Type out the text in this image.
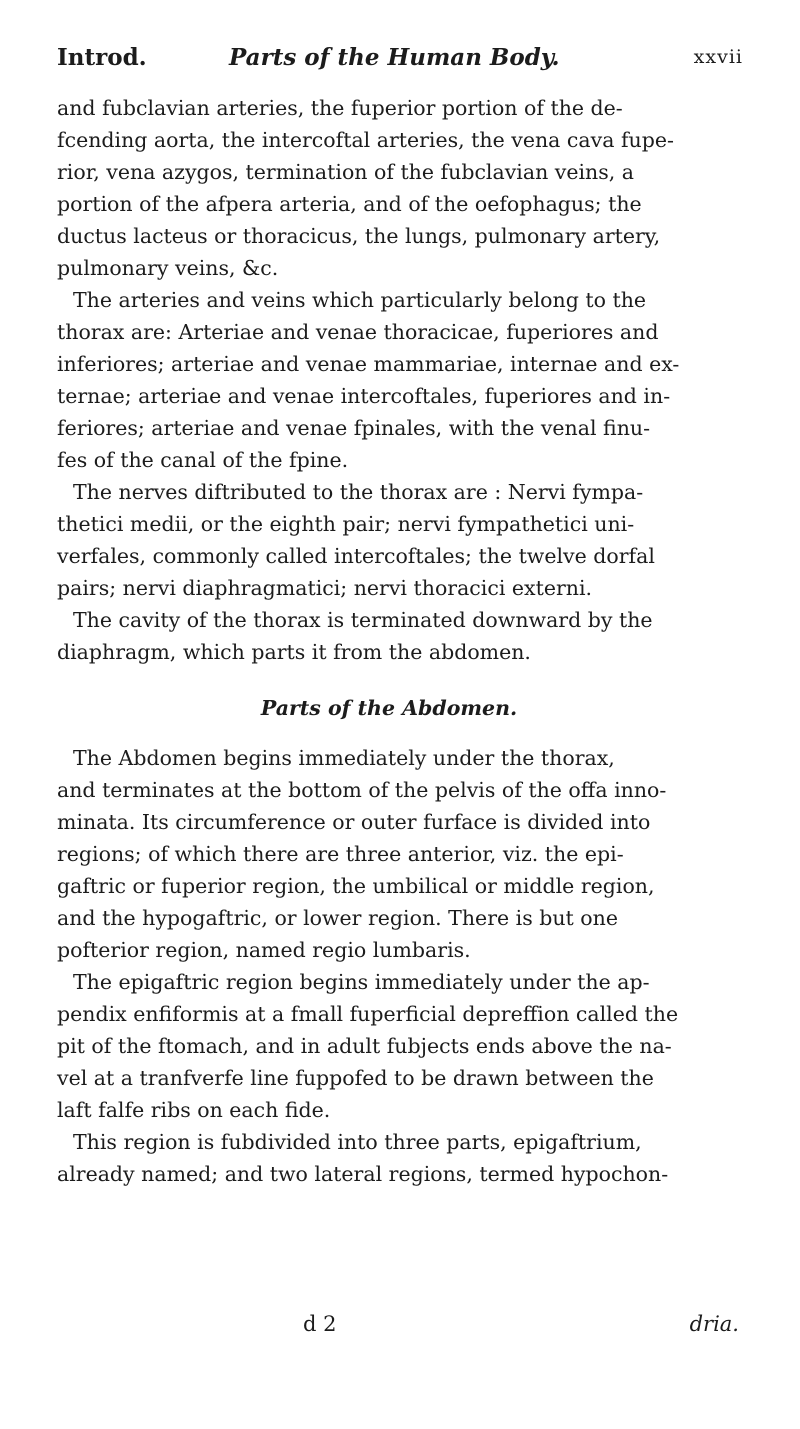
Introd.	Parts of the Human Body.	xxvii
and fubclavian arteries, the fuperior portion of the de-
fcending aorta, the intercoftal arteries, the vena cava fupe-
rior, vena azygos, termination of the fubclavian veins, a
portion of the afpera arteria, and of the oefophagus; the
ductus lacteus or thoracicus, the lungs, pulmonary artery,
pulmonary veins, &c.
The arteries and veins which particularly belong to the
thorax are: Arteriae and venae thoracicae, fuperiores and
inferiores; arteriae and venae mammariae, internae and ex-
ternae; arteriae and venae intercoftales, fuperiores and in-
feriores; arteriae and venae fpinales, with the venal finu-
fes of the canal of the fpine.
The nerves diftributed to the thorax are : Nervi fympa-
thetici medii, or the eighth pair; nervi fympathetici uni-
verfales, commonly called intercoftales; the twelve dorfal
pairs; nervi diaphragmatici; nervi thoracici externi.
The cavity of the thorax is terminated downward by the
diaphragm, which parts it from the abdomen.
Parts of the Abdomen.
The Abdomen begins immediately under the thorax,
and terminates at the bottom of the pelvis of the offa inno-
minata. Its circumference or outer furface is divided into
regions; of which there are three anterior, viz. the epi-
gaftric or fuperior region, the umbilical or middle region,
and the hypogaftric, or lower region. There is but one
pofterior region, named regio lumbaris.
The epigaftric region begins immediately under the ap-
pendix enfiformis at a fmall fuperficial depreffion called the
pit of the ftomach, and in adult fubjects ends above the na-
vel at a tranfverfe line fuppofed to be drawn between the
laft falfe ribs on each fide.
This region is fubdivided into three parts, epigaftrium,
already named; and two lateral regions, termed hypochon-
d 2	dria.
